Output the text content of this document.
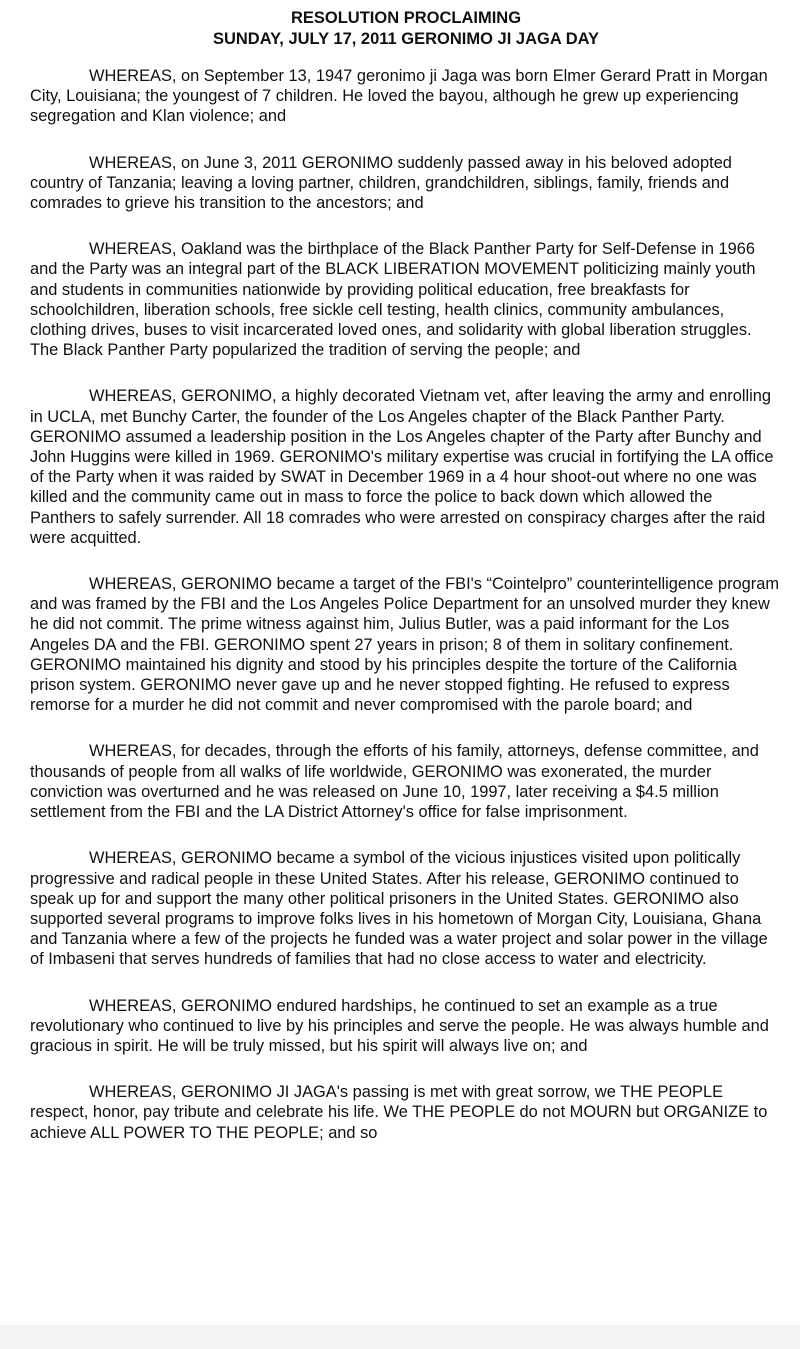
RESOLUTION PROCLAIMING
SUNDAY, JULY 17, 2011 GERONIMO JI JAGA DAY

WHEREAS, on September 13, 1947 geronimo ji Jaga was born Elmer Gerard Pratt in Morgan City, Louisiana; the youngest of 7 children. He loved the bayou, although he grew up experiencing segregation and Klan violence; and

WHEREAS, on June 3, 2011 GERONIMO suddenly passed away in his beloved adopted country of Tanzania; leaving a loving partner, children, grandchildren, siblings, family, friends and comrades to grieve his transition to the ancestors; and

WHEREAS, Oakland was the birthplace of the Black Panther Party for Self-Defense in 1966 and the Party was an integral part of the BLACK LIBERATION MOVEMENT politicizing mainly youth and students in communities nationwide by providing political education, free breakfasts for schoolchildren, liberation schools, free sickle cell testing, health clinics, community ambulances, clothing drives, buses to visit incarcerated loved ones, and solidarity with global liberation struggles. The Black Panther Party popularized the tradition of serving the people; and

WHEREAS, GERONIMO, a highly decorated Vietnam vet, after leaving the army and enrolling in UCLA, met Bunchy Carter, the founder of the Los Angeles chapter of the Black Panther Party. GERONIMO assumed a leadership position in the Los Angeles chapter of the Party after Bunchy and John Huggins were killed in 1969. GERONIMO's military expertise was crucial in fortifying the LA office of the Party when it was raided by SWAT in December 1969 in a 4 hour shoot-out where no one was killed and the community came out in mass to force the police to back down which allowed the Panthers to safely surrender. All 18 comrades who were arrested on conspiracy charges after the raid were acquitted.

WHEREAS, GERONIMO became a target of the FBI's “Cointelpro” counterintelligence program and was framed by the FBI and the Los Angeles Police Department for an unsolved murder they knew he did not commit. The prime witness against him, Julius Butler, was a paid informant for the Los Angeles DA and the FBI. GERONIMO spent 27 years in prison; 8 of them in solitary confinement. GERONIMO maintained his dignity and stood by his principles despite the torture of the California prison system. GERONIMO never gave up and he never stopped fighting. He refused to express remorse for a murder he did not commit and never compromised with the parole board; and

WHEREAS, for decades, through the efforts of his family, attorneys, defense committee, and thousands of people from all walks of life worldwide, GERONIMO was exonerated, the murder conviction was overturned and he was released on June 10, 1997, later receiving a $4.5 million settlement from the FBI and the LA District Attorney's office for false imprisonment.

WHEREAS, GERONIMO became a symbol of the vicious injustices visited upon politically progressive and radical people in these United States. After his release, GERONIMO continued to speak up for and support the many other political prisoners in the United States. GERONIMO also supported several programs to improve folks lives in his hometown of Morgan City, Louisiana, Ghana and Tanzania where a few of the projects he funded was a water project and solar power in the village of Imbaseni that serves hundreds of families that had no close access to water and electricity.

WHEREAS, GERONIMO endured hardships, he continued to set an example as a true revolutionary who continued to live by his principles and serve the people. He was always humble and gracious in spirit. He will be truly missed, but his spirit will always live on; and

WHEREAS, GERONIMO JI JAGA's passing is met with great sorrow, we THE PEOPLE respect, honor, pay tribute and celebrate his life. We THE PEOPLE do not MOURN but ORGANIZE to achieve ALL POWER TO THE PEOPLE; and so
